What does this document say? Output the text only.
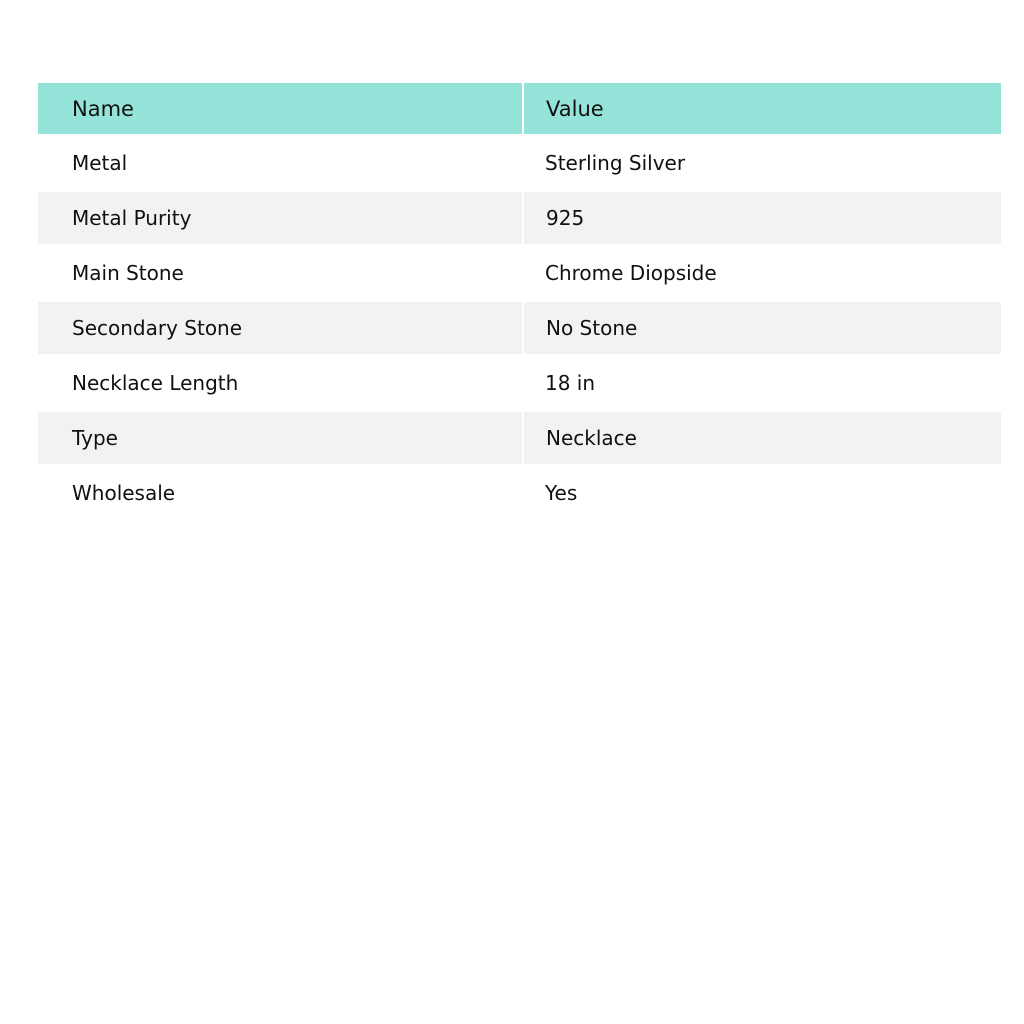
Name	Value
Metal	Sterling Silver
Metal Purity	925
Main Stone	Chrome Diopside
Secondary Stone	No Stone
Necklace Length	18 in
Type	Necklace
Wholesale	Yes
